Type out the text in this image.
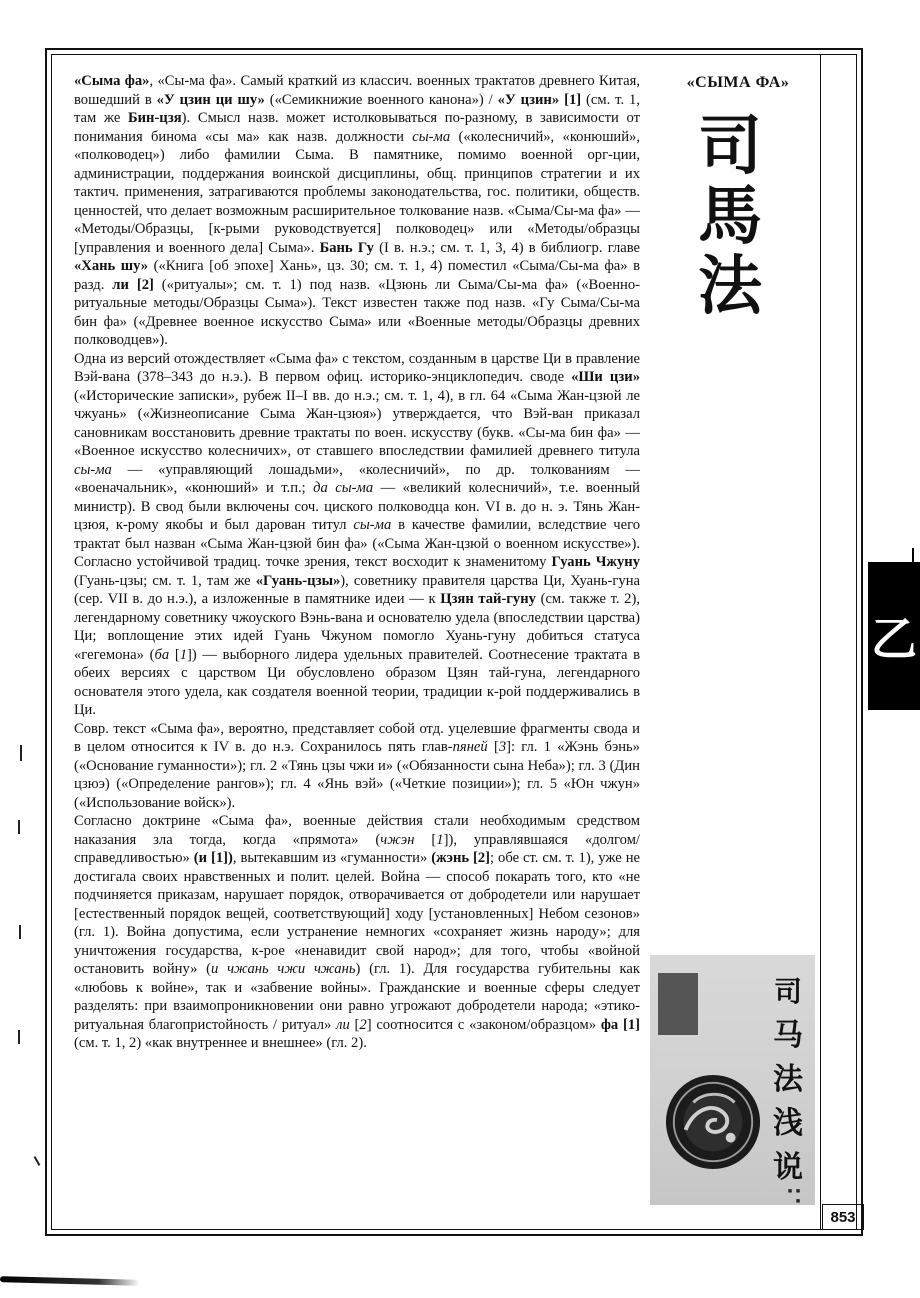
«Сыма фа», «Сы-ма фа». Самый краткий из классич. военных трактатов древнего Китая, вошедший в «У цзин ци шу» («Семикнижие военного канона») / «У цзин» [1] (см. т. 1, там же Бин-цзя). Смысл назв. может истолковываться по-разному, в зависимости от понимания бинома «сы ма» как назв. должности сы-ма («колесничий», «конюший», «полководец») либо фамилии Сыма. В памятнике, помимо военной орг-ции, администрации, поддержания воинской дисциплины, общ. принципов стратегии и их тактич. применения, затрагиваются проблемы законодательства, гос. политики, обществ. ценностей, что делает возможным расширительное толкование назв. «Сыма/Сы-ма фа» — «Методы/Образцы, [к-рыми руководствуется] полководец» или «Методы/образцы [управления и военного дела] Сыма». Бань Гу (I в. н.э.; см. т. 1, 3, 4) в библиогр. главе «Хань шу» («Книга [об эпохе] Хань», цз. 30; см. т. 1, 4) поместил «Сыма/Сы-ма фа» в разд. ли [2] («ритуалы»; см. т. 1) под назв. «Цзюнь ли Сыма/Сы-ма фа» («Военно-ритуальные методы/Образцы Сыма»). Текст известен также под назв. «Гу Сыма/Сы-ма бин фа» («Древнее военное искусство Сыма» или «Военные методы/Образцы древних полководцев»).

Одна из версий отождествляет «Сыма фа» с текстом, созданным в царстве Ци в правление Вэй-вана (378–343 до н.э.). В первом офиц. историко-энциклопедич. своде «Ши цзи» («Исторические записки», рубеж II–I вв. до н.э.; см. т. 1, 4), в гл. 64 «Сыма Жан-цзюй ле чжуань» («Жизнеописание Сыма Жан-цзюя») утверждается, что Вэй-ван приказал сановникам восстановить древние трактаты по воен. искусству (букв. «Сы-ма бин фа» — «Военное искусство колесничих», от ставшего впоследствии фамилией древнего титула сы-ма — «управляющий лошадьми», «колесничий», по др. толкованиям — «военачальник», «конюший» и т.п.; да сы-ма — «великий колесничий», т.е. военный министр). В свод были включены соч. циского полководца кон. VI в. до н. э. Тянь Жан-цзюя, к-рому якобы и был дарован титул сы-ма в качестве фамилии, вследствие чего трактат был назван «Сыма Жан-цзюй бин фа» («Сыма Жан-цзюй о военном искусстве»). Согласно устойчивой традиц. точке зрения, текст восходит к знаменитому Гуань Чжуну (Гуань-цзы; см. т. 1, там же «Гуань-цзы»), советнику правителя царства Ци, Хуань-гуна (сер. VII в. до н.э.), а изложенные в памятнике идеи — к Цзян тай-гуну (см. также т. 2), легендарному советнику чжоуского Вэнь-вана и основателю удела (впоследствии царства) Ци; воплощение этих идей Гуань Чжуном помогло Хуань-гуну добиться статуса «гегемона» (ба [1]) — выборного лидера удельных правителей. Соотнесение трактата в обеих версиях с царством Ци обусловлено образом Цзян тай-гуна, легендарного основателя этого удела, как создателя военной теории, традиции к-рой поддерживались в Ци.

Совр. текст «Сыма фа», вероятно, представляет собой отд. уцелевшие фрагменты свода и в целом относится к IV в. до н.э. Сохранилось пять глав-пяней [3]: гл. 1 «Жэнь бэнь» («Основание гуманности»); гл. 2 «Тянь цзы чжи и» («Обязанности сына Неба»); гл. 3 (Дин цзюэ) («Определение рангов»); гл. 4 «Янь вэй» («Четкие позиции»); гл. 5 «Юн чжун» («Использование войск»).

Согласно доктрине «Сыма фа», военные действия стали необходимым средством наказания зла тогда, когда «прямота» (чжэн [1]), управлявшаяся «долгом/справедливостью» (и [1]), вытекавшим из «гуманности» (жэнь [2]; обе ст. см. т. 1), уже не достигала своих нравственных и полит. целей. Война — способ покарать того, кто «не подчиняется приказам, нарушает порядок, отворачивается от добродетели или нарушает [естественный порядок вещей, соответствующий] ходу [установленных] Небом сезонов» (гл. 1). Война допустима, если устранение немногих «сохраняет жизнь народу»; для уничтожения государства, к-рое «ненавидит свой народ»; для того, чтобы «войной остановить войну» (и чжань чжи чжань) (гл. 1). Для государства губительны как «любовь к войне», так и «забвение войны». Гражданские и военные сферы следует разделять: при взаимопроникновении они равно угрожают добродетели народа; «этико-ритуальная благопристойность / ритуал» ли [2] соотносится с «законом/образцом» фа [1] (см. т. 1, 2) «как внутреннее и внешнее» (гл. 2).

«СЫМА ФА»
司
馬
法
司
马
法
浅
说
■ ■ ■
853
乙
